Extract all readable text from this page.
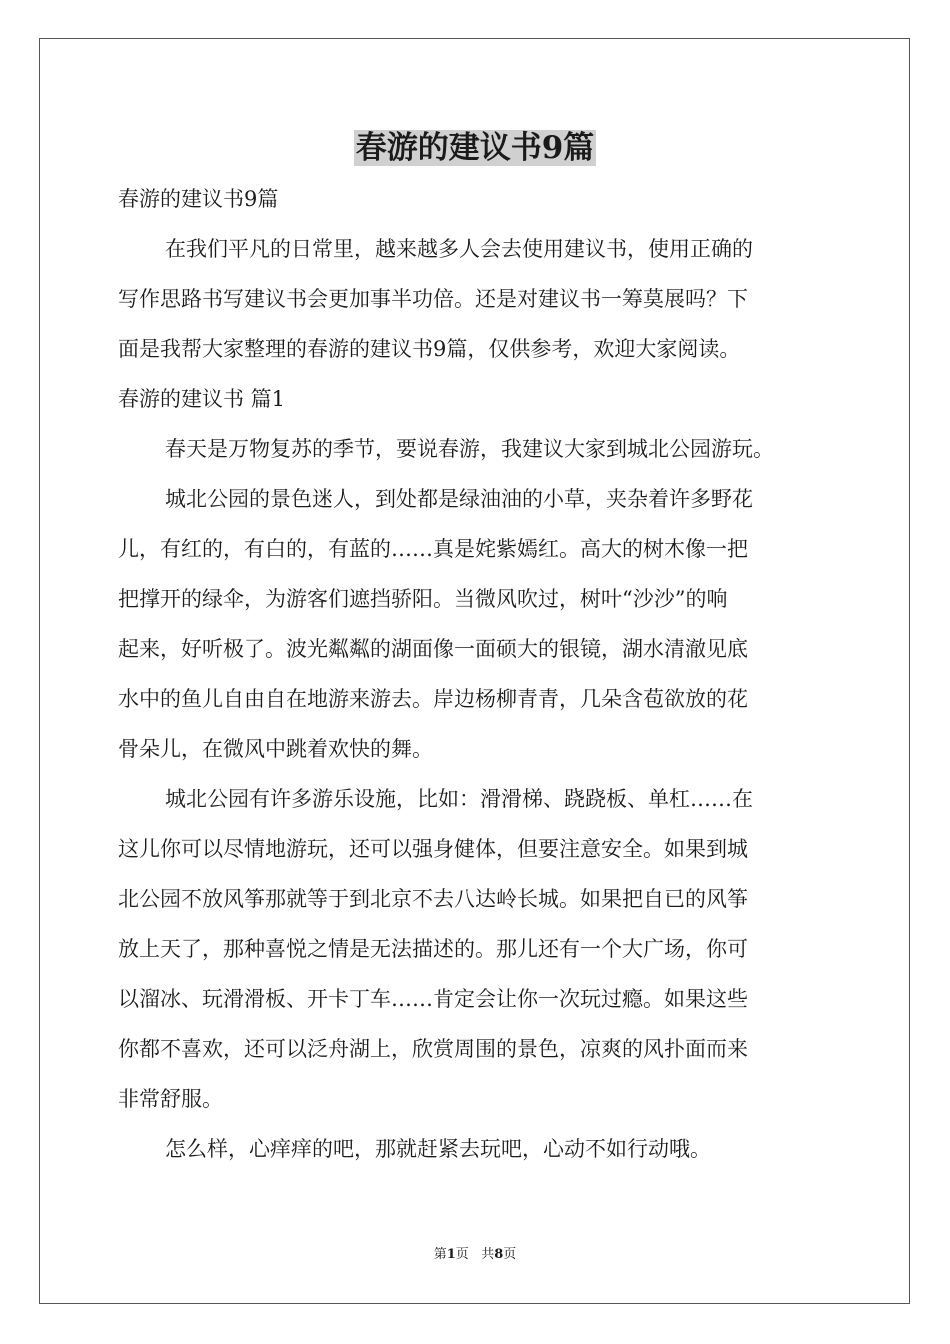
春游的建议书9篇
春游的建议书9篇
在我们平凡的日常里，越来越多人会去使用建议书，使用正确的
写作思路书写建议书会更加事半功倍。还是对建议书一筹莫展吗？下
面是我帮大家整理的春游的建议书9篇，仅供参考，欢迎大家阅读。
春游的建议书 篇1
春天是万物复苏的季节，要说春游，我建议大家到城北公园游玩。
城北公园的景色迷人，到处都是绿油油的小草，夹杂着许多野花
儿，有红的，有白的，有蓝的……真是姹紫嫣红。高大的树木像一把
把撑开的绿伞，为游客们遮挡骄阳。当微风吹过，树叶“沙沙”的响
起来，好听极了。波光粼粼的湖面像一面硕大的银镜，湖水清澈见底
水中的鱼儿自由自在地游来游去。岸边杨柳青青，几朵含苞欲放的花
骨朵儿，在微风中跳着欢快的舞。
城北公园有许多游乐设施，比如：滑滑梯、跷跷板、单杠……在
这儿你可以尽情地游玩，还可以强身健体，但要注意安全。如果到城
北公园不放风筝那就等于到北京不去八达岭长城。如果把自已的风筝
放上天了，那种喜悦之情是无法描述的。那儿还有一个大广场，你可
以溜冰、玩滑滑板、开卡丁车……肯定会让你一次玩过瘾。如果这些
你都不喜欢，还可以泛舟湖上，欣赏周围的景色，凉爽的风扑面而来
非常舒服。
怎么样，心痒痒的吧，那就赶紧去玩吧，心动不如行动哦。
第1页   共8页
